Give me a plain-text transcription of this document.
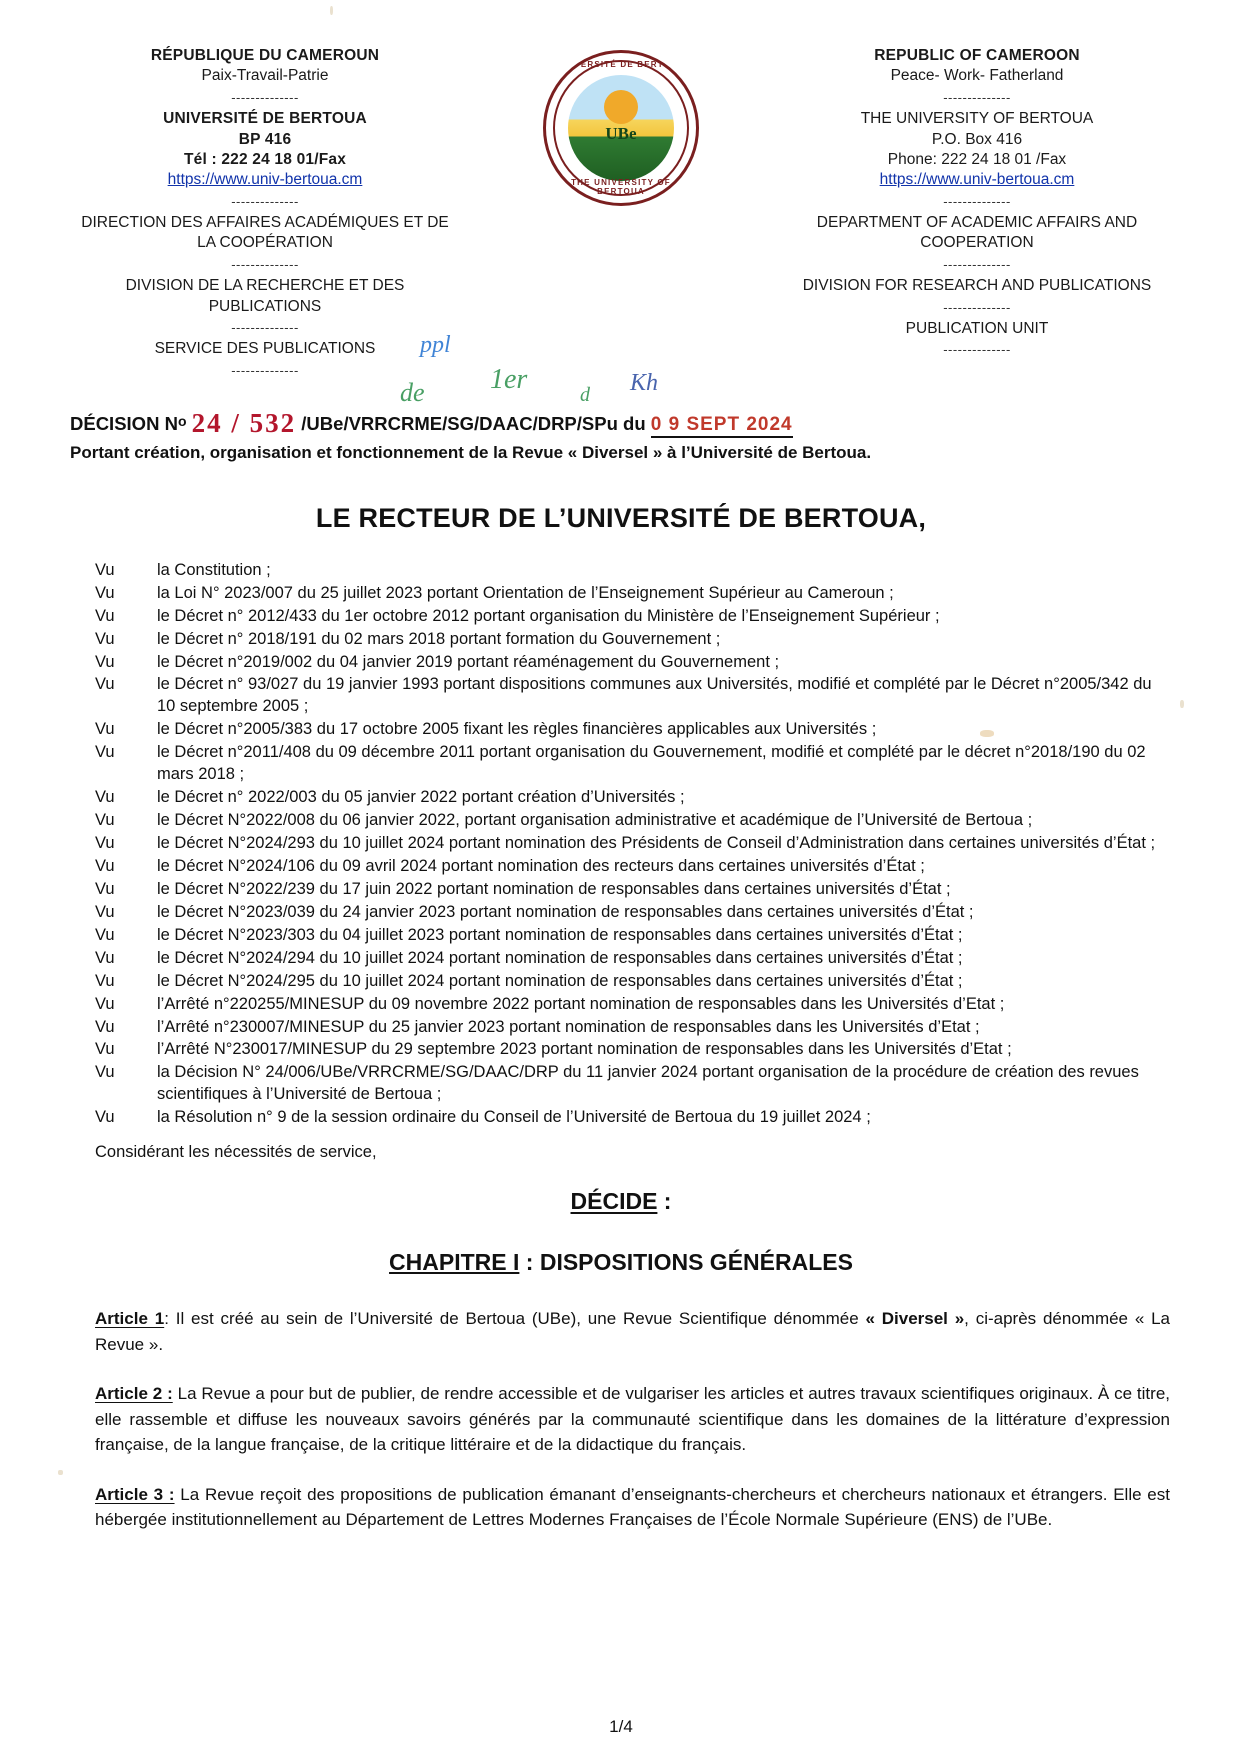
RÉPUBLIQUE DU CAMEROUN
Paix-Travail-Patrie
--------------
UNIVERSITÉ DE BERTOUA
BP 416
Tél : 222 24 18 01/Fax
https://www.univ-bertoua.cm
--------------
DIRECTION DES AFFAIRES ACADÉMIQUES ET DE LA COOPÉRATION
--------------
DIVISION DE LA RECHERCHE ET DES PUBLICATIONS
--------------
SERVICE DES PUBLICATIONS
--------------
UNIVERSITÉ DE BERTOUA
UBe
THE UNIVERSITY OF BERTOUA
REPUBLIC OF CAMEROON
Peace- Work- Fatherland
--------------
THE UNIVERSITY OF BERTOUA
P.O. Box 416
Phone: 222 24 18 01 /Fax
https://www.univ-bertoua.cm
--------------
DEPARTMENT OF ACADEMIC AFFAIRS AND COOPERATION
--------------
DIVISION FOR RESEARCH AND PUBLICATIONS
--------------
PUBLICATION UNIT
--------------
ppl
de 1er	d Kh
DÉCISION $N^o$ 24 / 532 /UBe/VRRCRME/SG/DAAC/DRP/SPu du 0 9 SEPT 2024
Portant création, organisation et fonctionnement de la Revue « Diversel » à l’Université de Bertoua.
LE RECTEUR DE L’UNIVERSITÉ DE BERTOUA,
Vu	la Constitution ;
Vu	la Loi N° 2023/007 du 25 juillet 2023 portant Orientation de l’Enseignement Supérieur au Cameroun ;
Vu	le Décret n° 2012/433 du 1er octobre 2012 portant organisation du Ministère de l’Enseignement Supérieur ;
Vu	le Décret n° 2018/191 du 02 mars 2018 portant formation du Gouvernement ;
Vu	le Décret n°2019/002 du 04 janvier 2019 portant réaménagement du Gouvernement ;
Vu	le Décret n° 93/027 du 19 janvier 1993 portant dispositions communes aux Universités, modifié et complété par le Décret n°2005/342 du 10 septembre 2005 ;
Vu	le Décret n°2005/383 du 17 octobre 2005 fixant les règles financières applicables aux Universités ;
Vu	le Décret n°2011/408 du 09 décembre 2011 portant organisation du Gouvernement, modifié et complété par le décret n°2018/190 du 02 mars 2018 ;
Vu	le Décret n° 2022/003 du 05 janvier 2022 portant création d’Universités ;
Vu	le Décret N°2022/008 du 06 janvier 2022, portant organisation administrative et académique de l’Université de Bertoua ;
Vu	le Décret N°2024/293 du 10 juillet 2024 portant nomination des Présidents de Conseil d’Administration dans certaines universités d’État ;
Vu	le Décret N°2024/106 du 09 avril 2024 portant nomination des recteurs dans certaines universités d’État ;
Vu	le Décret N°2022/239 du 17 juin 2022 portant nomination de responsables dans certaines universités d’État ;
Vu	le Décret N°2023/039 du 24 janvier 2023 portant nomination de responsables dans certaines universités d’État ;
Vu	le Décret N°2023/303 du 04 juillet 2023 portant nomination de responsables dans certaines universités d’État ;
Vu	le Décret N°2024/294 du 10 juillet 2024 portant nomination de responsables dans certaines universités d’État ;
Vu	le Décret N°2024/295 du 10 juillet 2024 portant nomination de responsables dans certaines universités d’État ;
Vu	l’Arrêté n°220255/MINESUP du 09 novembre 2022 portant nomination de responsables dans les Universités d’Etat ;
Vu	l’Arrêté n°230007/MINESUP du 25 janvier 2023 portant nomination de responsables dans les Universités d’Etat ;
Vu	l’Arrêté N°230017/MINESUP du 29 septembre 2023 portant nomination de responsables dans les Universités d’Etat ;
Vu	la Décision N° 24/006/UBe/VRRCRME/SG/DAAC/DRP du 11 janvier 2024 portant organisation de la procédure de création des revues scientifiques à l’Université de Bertoua ;
Vu	la Résolution n° 9 de la session ordinaire du Conseil de l’Université de Bertoua du 19 juillet 2024 ;
Considérant les nécessités de service,
DÉCIDE :
CHAPITRE I : DISPOSITIONS GÉNÉRALES
Article 1: Il est créé au sein de l’Université de Bertoua (UBe), une Revue Scientifique dénommée « Diversel », ci-après dénommée « La Revue ».
Article 2 : La Revue a pour but de publier, de rendre accessible et de vulgariser les articles et autres travaux scientifiques originaux. À ce titre, elle rassemble et diffuse les nouveaux savoirs générés par la communauté scientifique dans les domaines de la littérature d’expression française, de la langue française, de la critique littéraire et de la didactique du français.
Article 3 : La Revue reçoit des propositions de publication émanant d’enseignants-chercheurs et chercheurs nationaux et étrangers. Elle est hébergée institutionnellement au Département de Lettres Modernes Françaises de l’École Normale Supérieure (ENS) de l’UBe.
1/4
